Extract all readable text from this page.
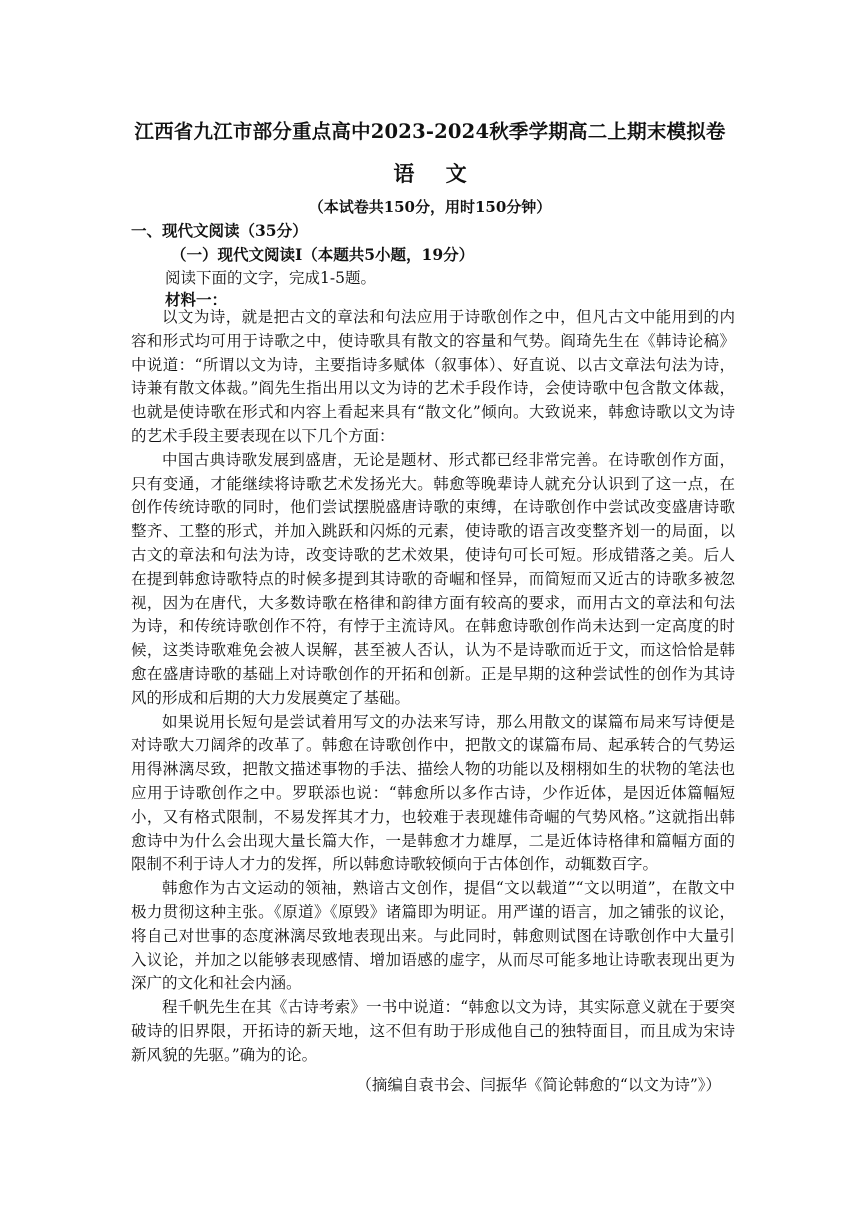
江西省九江市部分重点高中2023-2024秋季学期高二上期末模拟卷
语 文
（本试卷共150分，用时150分钟）
一、现代文阅读（35分）
（一）现代文阅读Ⅰ（本题共5小题，19分）
阅读下面的文字，完成1-5题。
材料一：

以文为诗，就是把古文的章法和句法应用于诗歌创作之中，但凡古文中能用到的内容和形式均可用于诗歌之中，使诗歌具有散文的容量和气势。阎琦先生在《韩诗论稿》中说道：“所谓以文为诗，主要指诗多赋体（叙事体）、好直说、以古文章法句法为诗，诗兼有散文体裁。”阎先生指出用以文为诗的艺术手段作诗，会使诗歌中包含散文体裁，也就是使诗歌在形式和内容上看起来具有“散文化”倾向。大致说来，韩愈诗歌以文为诗的艺术手段主要表现在以下几个方面：

中国古典诗歌发展到盛唐，无论是题材、形式都已经非常完善。在诗歌创作方面，只有变通，才能继续将诗歌艺术发扬光大。韩愈等晚辈诗人就充分认识到了这一点，在创作传统诗歌的同时，他们尝试摆脱盛唐诗歌的束缚，在诗歌创作中尝试改变盛唐诗歌整齐、工整的形式，并加入跳跃和闪烁的元素，使诗歌的语言改变整齐划一的局面，以古文的章法和句法为诗，改变诗歌的艺术效果，使诗句可长可短。形成错落之美。后人在提到韩愈诗歌特点的时候多提到其诗歌的奇崛和怪异，而简短而又近古的诗歌多被忽视，因为在唐代，大多数诗歌在格律和韵律方面有较高的要求，而用古文的章法和句法为诗，和传统诗歌创作不符，有悖于主流诗风。在韩愈诗歌创作尚未达到一定高度的时候，这类诗歌难免会被人误解，甚至被人否认，认为不是诗歌而近于文，而这恰恰是韩愈在盛唐诗歌的基础上对诗歌创作的开拓和创新。正是早期的这种尝试性的创作为其诗风的形成和后期的大力发展奠定了基础。

如果说用长短句是尝试着用写文的办法来写诗，那么用散文的谋篇布局来写诗便是对诗歌大刀阔斧的改革了。韩愈在诗歌创作中，把散文的谋篇布局、起承转合的气势运用得淋漓尽致，把散文描述事物的手法、描绘人物的功能以及栩栩如生的状物的笔法也应用于诗歌创作之中。罗联添也说：“韩愈所以多作古诗，少作近体，是因近体篇幅短小，又有格式限制，不易发挥其才力，也较难于表现雄伟奇崛的气势风格。”这就指出韩愈诗中为什么会出现大量长篇大作，一是韩愈才力雄厚，二是近体诗格律和篇幅方面的限制不利于诗人才力的发挥，所以韩愈诗歌较倾向于古体创作，动辄数百字。

韩愈作为古文运动的领袖，熟谙古文创作，提倡“文以载道”“文以明道”，在散文中极力贯彻这种主张。《原道》《原毁》诸篇即为明证。用严谨的语言，加之铺张的议论，将自己对世事的态度淋漓尽致地表现出来。与此同时，韩愈则试图在诗歌创作中大量引入议论，并加之以能够表现感情、增加语感的虚字，从而尽可能多地让诗歌表现出更为深广的文化和社会内涵。

程千帆先生在其《古诗考索》一书中说道：“韩愈以文为诗，其实际意义就在于要突破诗的旧界限，开拓诗的新天地，这不但有助于形成他自己的独特面目，而且成为宋诗新风貌的先驱。”确为的论。

（摘编自袁书会、闫振华《简论韩愈的“以文为诗”》）
